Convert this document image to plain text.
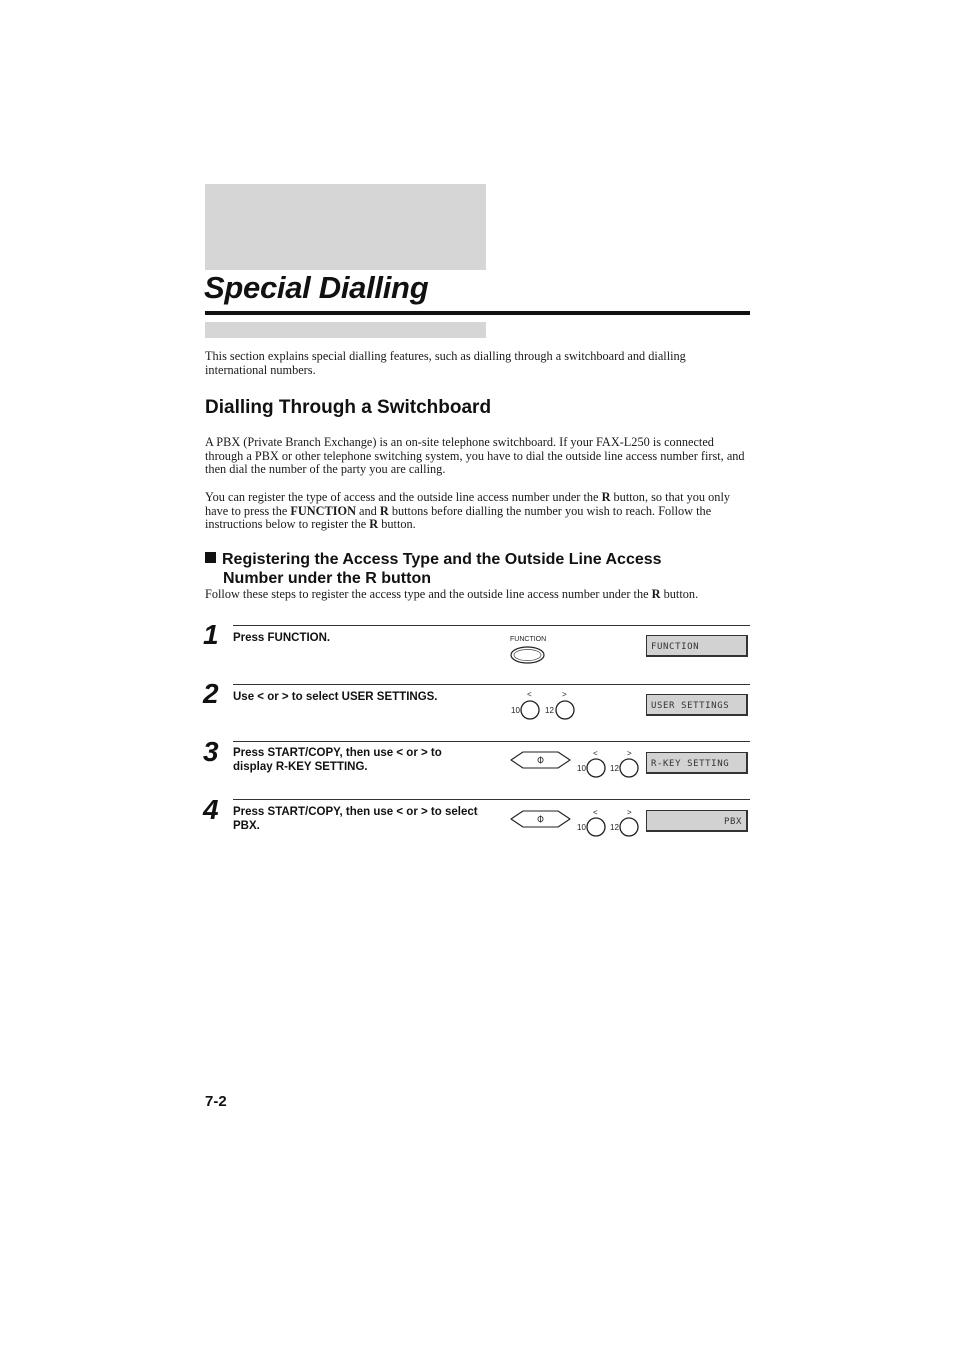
Special Dialling
This section explains special dialling features, such as dialling through a switchboard and dialling international numbers.
Dialling Through a Switchboard
A PBX (Private Branch Exchange) is an on-site telephone switchboard. If your FAX-L250 is connected through a PBX or other telephone switching system, you have to dial the outside line access number first, and then dial the number of the party you are calling.
You can register the type of access and the outside line access number under the R button, so that you only have to press the FUNCTION and R buttons before dialling the number you wish to reach. Follow the instructions below to register the R button.
Registering the Access Type and the Outside Line Access
Number under the R button
Follow these steps to register the access type and the outside line access number under the R button.
1 Press FUNCTION.	FUNCTION
FUNCTION
2 Use < or > to select USER SETTINGS.	<	>
10	12	USER SETTINGS
3 Press START/COPY, then use < or > to
display R-KEY SETTING.
<	>
10	12	R-KEY SETTING
4 Press START/COPY, then use < or > to select
PBX.
<	>
10	12
PBX
7-2
